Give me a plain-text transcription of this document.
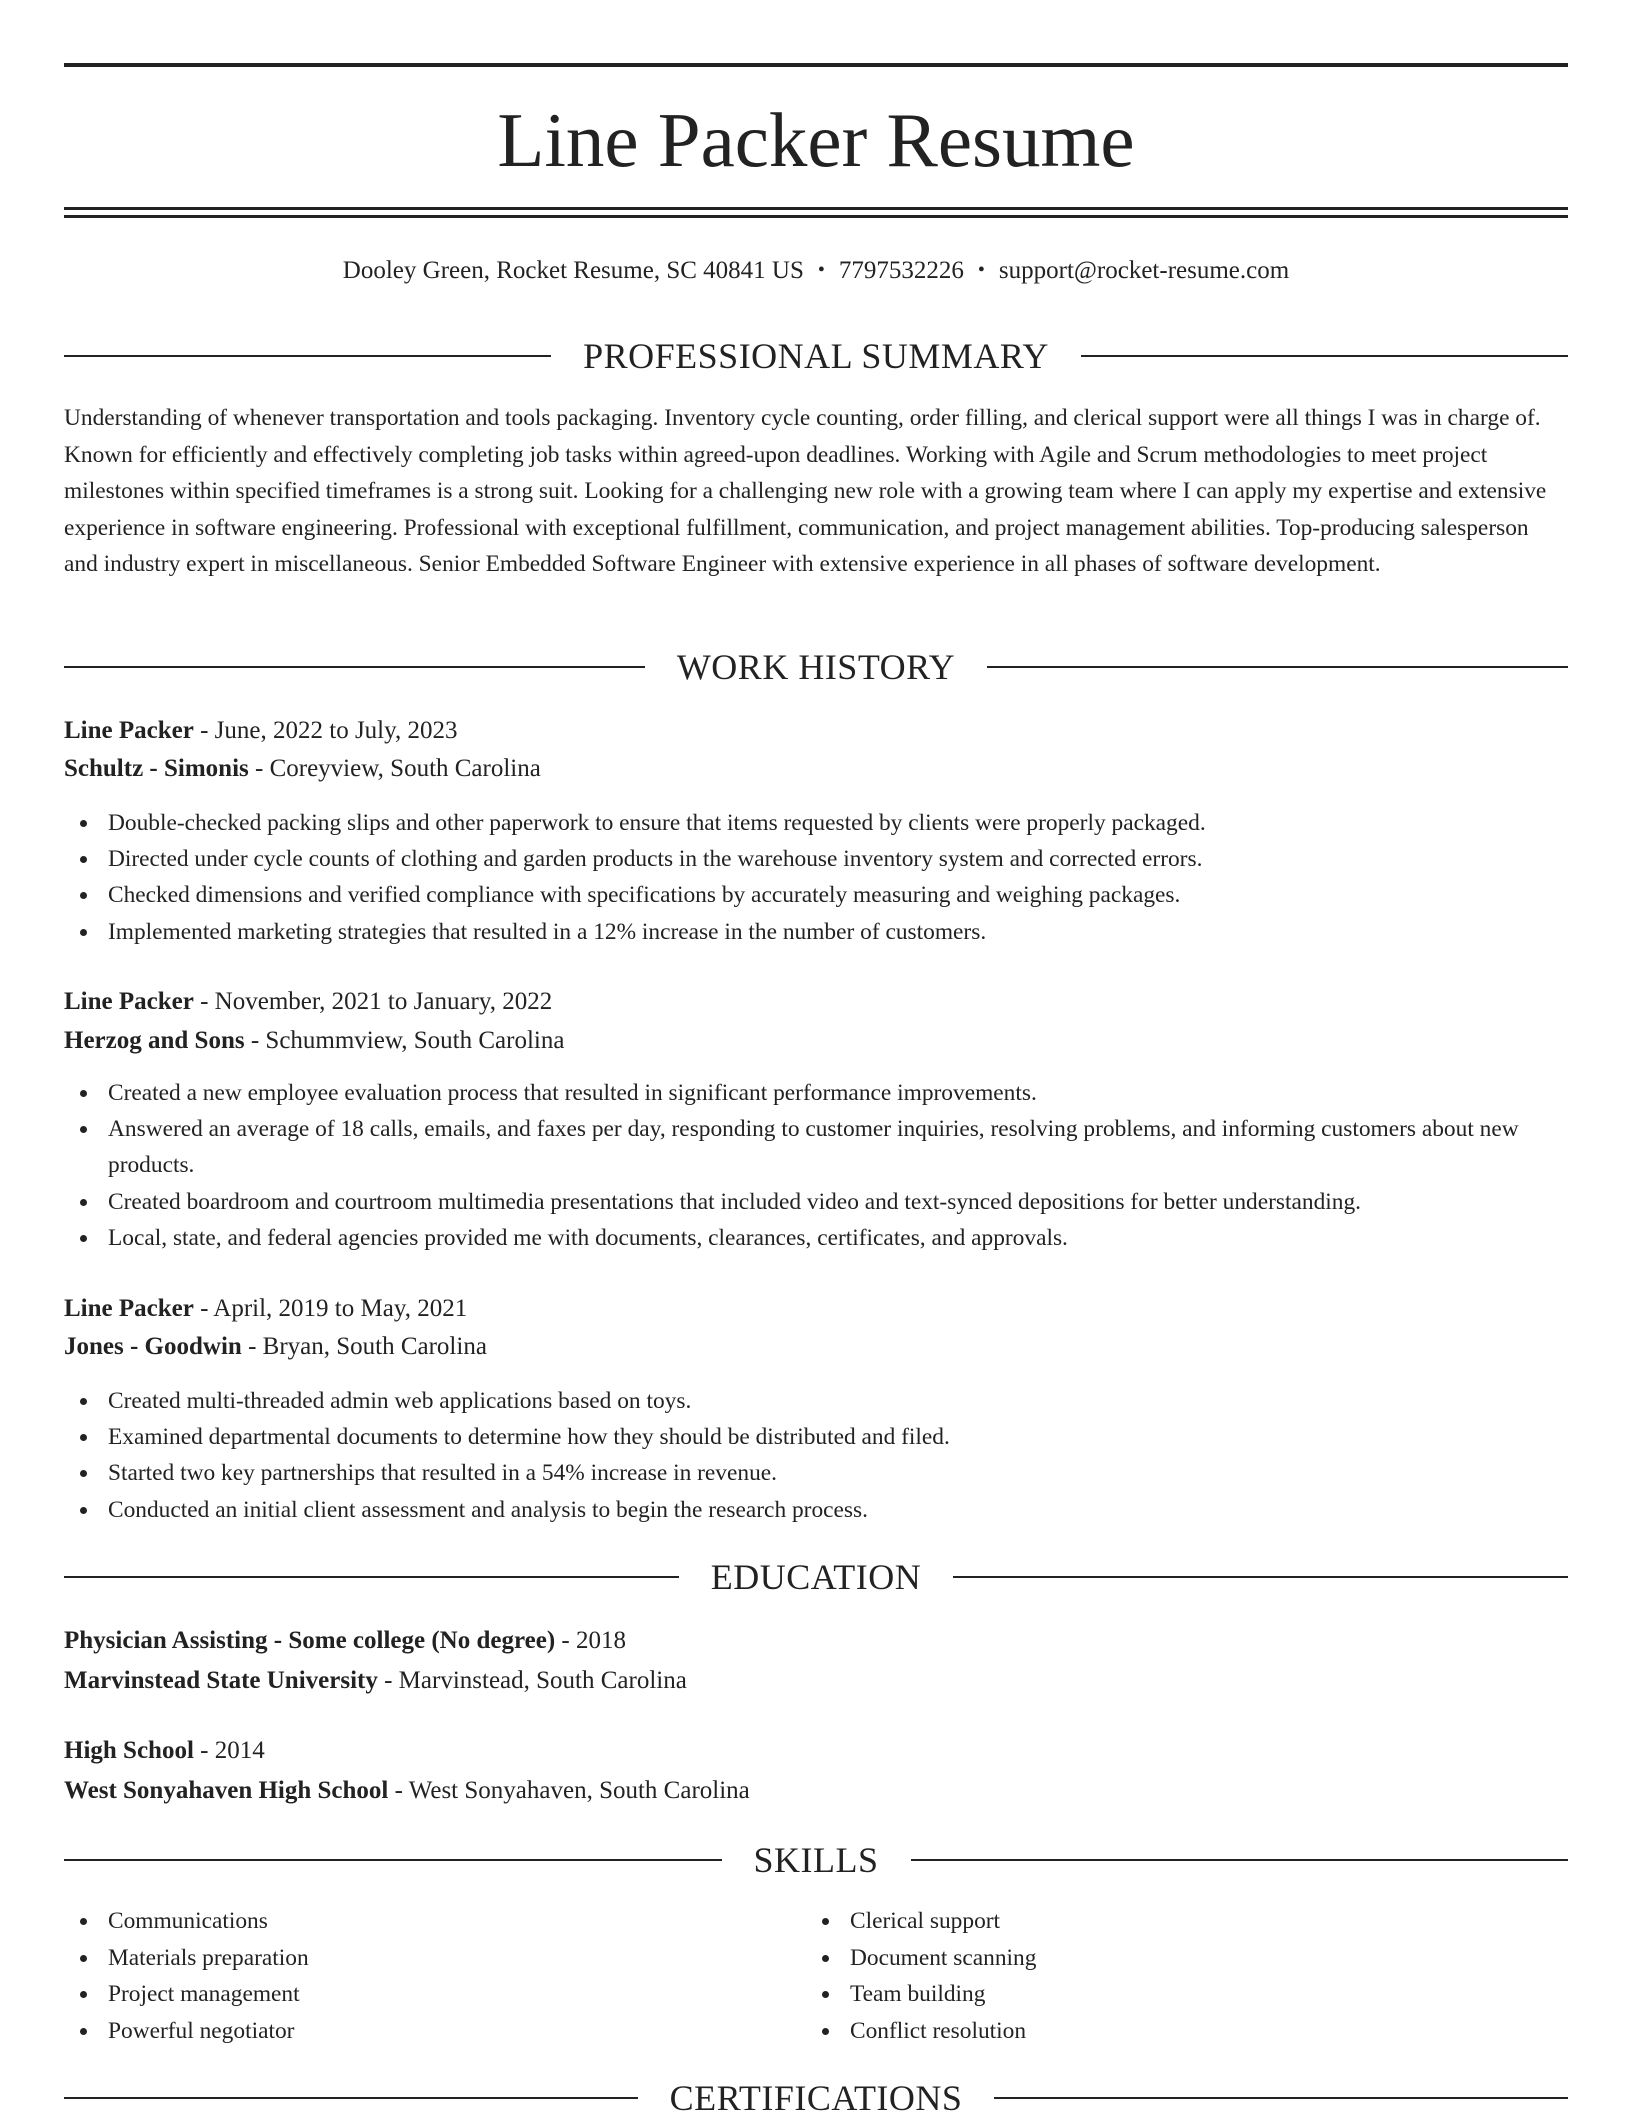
Line Packer Resume
Dooley Green, Rocket Resume, SC 40841 US • 7797532226 • support@rocket-resume.com
PROFESSIONAL SUMMARY

Understanding of whenever transportation and tools packaging. Inventory cycle counting, order filling, and clerical support were all things I was in charge of. Known for efficiently and effectively completing job tasks within agreed-upon deadlines. Working with Agile and Scrum methodologies to meet project milestones within specified timeframes is a strong suit. Looking for a challenging new role with a growing team where I can apply my expertise and extensive experience in software engineering. Professional with exceptional fulfillment, communication, and project management abilities. Top-producing salesperson and industry expert in miscellaneous. Senior Embedded Software Engineer with extensive experience in all phases of software development.

WORK HISTORY
Line Packer - June, 2022 to July, 2023
Schultz - Simonis - Coreyview, South Carolina
Double-checked packing slips and other paperwork to ensure that items requested by clients were properly packaged.
Directed under cycle counts of clothing and garden products in the warehouse inventory system and corrected errors.
Checked dimensions and verified compliance with specifications by accurately measuring and weighing packages.
Implemented marketing strategies that resulted in a 12% increase in the number of customers.
Line Packer - November, 2021 to January, 2022
Herzog and Sons - Schummview, South Carolina
Created a new employee evaluation process that resulted in significant performance improvements.
Answered an average of 18 calls, emails, and faxes per day, responding to customer inquiries, resolving problems, and informing customers about new products.
Created boardroom and courtroom multimedia presentations that included video and text-synced depositions for better understanding.
Local, state, and federal agencies provided me with documents, clearances, certificates, and approvals.
Line Packer - April, 2019 to May, 2021
Jones - Goodwin - Bryan, South Carolina
Created multi-threaded admin web applications based on toys.
Examined departmental documents to determine how they should be distributed and filed.
Started two key partnerships that resulted in a 54% increase in revenue.
Conducted an initial client assessment and analysis to begin the research process.
EDUCATION
Physician Assisting - Some college (No degree) - 2018
Marvinstead State University - Marvinstead, South Carolina
High School - 2014
West Sonyahaven High School - West Sonyahaven, South Carolina
SKILLS
Communications
Materials preparation
Project management
Powerful negotiator
Clerical support
Document scanning
Team building
Conflict resolution
CERTIFICATIONS
